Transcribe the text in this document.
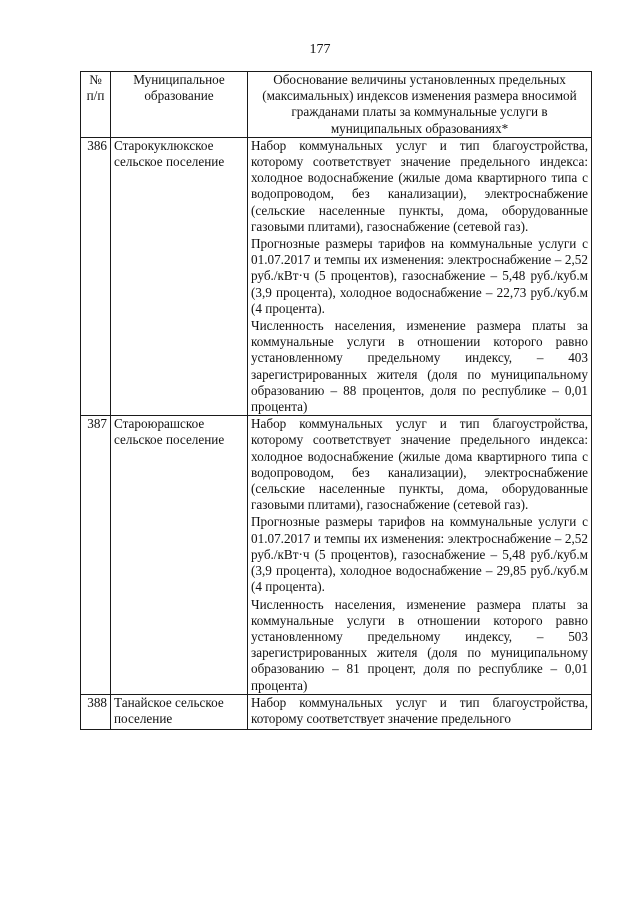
177
№ п/п	Муниципальное образование	Обоснование величины установленных предельных (максимальных) индексов изменения размера вносимой гражданами платы за коммунальные услуги в муниципальных образованиях*
386	Старокуклюкское сельское поселение	Набор коммунальных услуг и тип благоустройства, которому соответствует значение предельного индекса: холодное водоснабжение (жилые дома квартирного типа с водопроводом, без канализации), электроснабжение (сельские населенные пункты, дома, оборудованные газовыми плитами), газоснабжение (сетевой газ).
Прогнозные размеры тарифов на коммунальные услуги с 01.07.2017 и темпы их изменения: электроснабжение – 2,52 руб./кВт·ч (5 процентов), газоснабжение – 5,48 руб./куб.м (3,9 процента), холодное водоснабжение – 22,73 руб./куб.м (4 процента).
Численность населения, изменение размера платы за коммунальные услуги в отношении которого равно установленному предельному индексу, – 403 зарегистрированных жителя (доля по муниципальному образованию – 88 процентов, доля по республике – 0,01 процента)

387	Староюрашское сельское поселение	Набор коммунальных услуг и тип благоустройства, которому соответствует значение предельного индекса: холодное водоснабжение (жилые дома квартирного типа с водопроводом, без канализации), электроснабжение (сельские населенные пункты, дома, оборудованные газовыми плитами), газоснабжение (сетевой газ).
Прогнозные размеры тарифов на коммунальные услуги с 01.07.2017 и темпы их изменения: электроснабжение – 2,52 руб./кВт·ч (5 процентов), газоснабжение – 5,48 руб./куб.м (3,9 процента), холодное водоснабжение – 29,85 руб./куб.м (4 процента).
Численность населения, изменение размера платы за коммунальные услуги в отношении которого равно установленному предельному индексу, – 503 зарегистрированных жителя (доля по муниципальному образованию – 81 процент, доля по республике – 0,01 процента)

388	Танайское сельское поселение	Набор коммунальных услуг и тип благоустройства, которому соответствует значение предельного
